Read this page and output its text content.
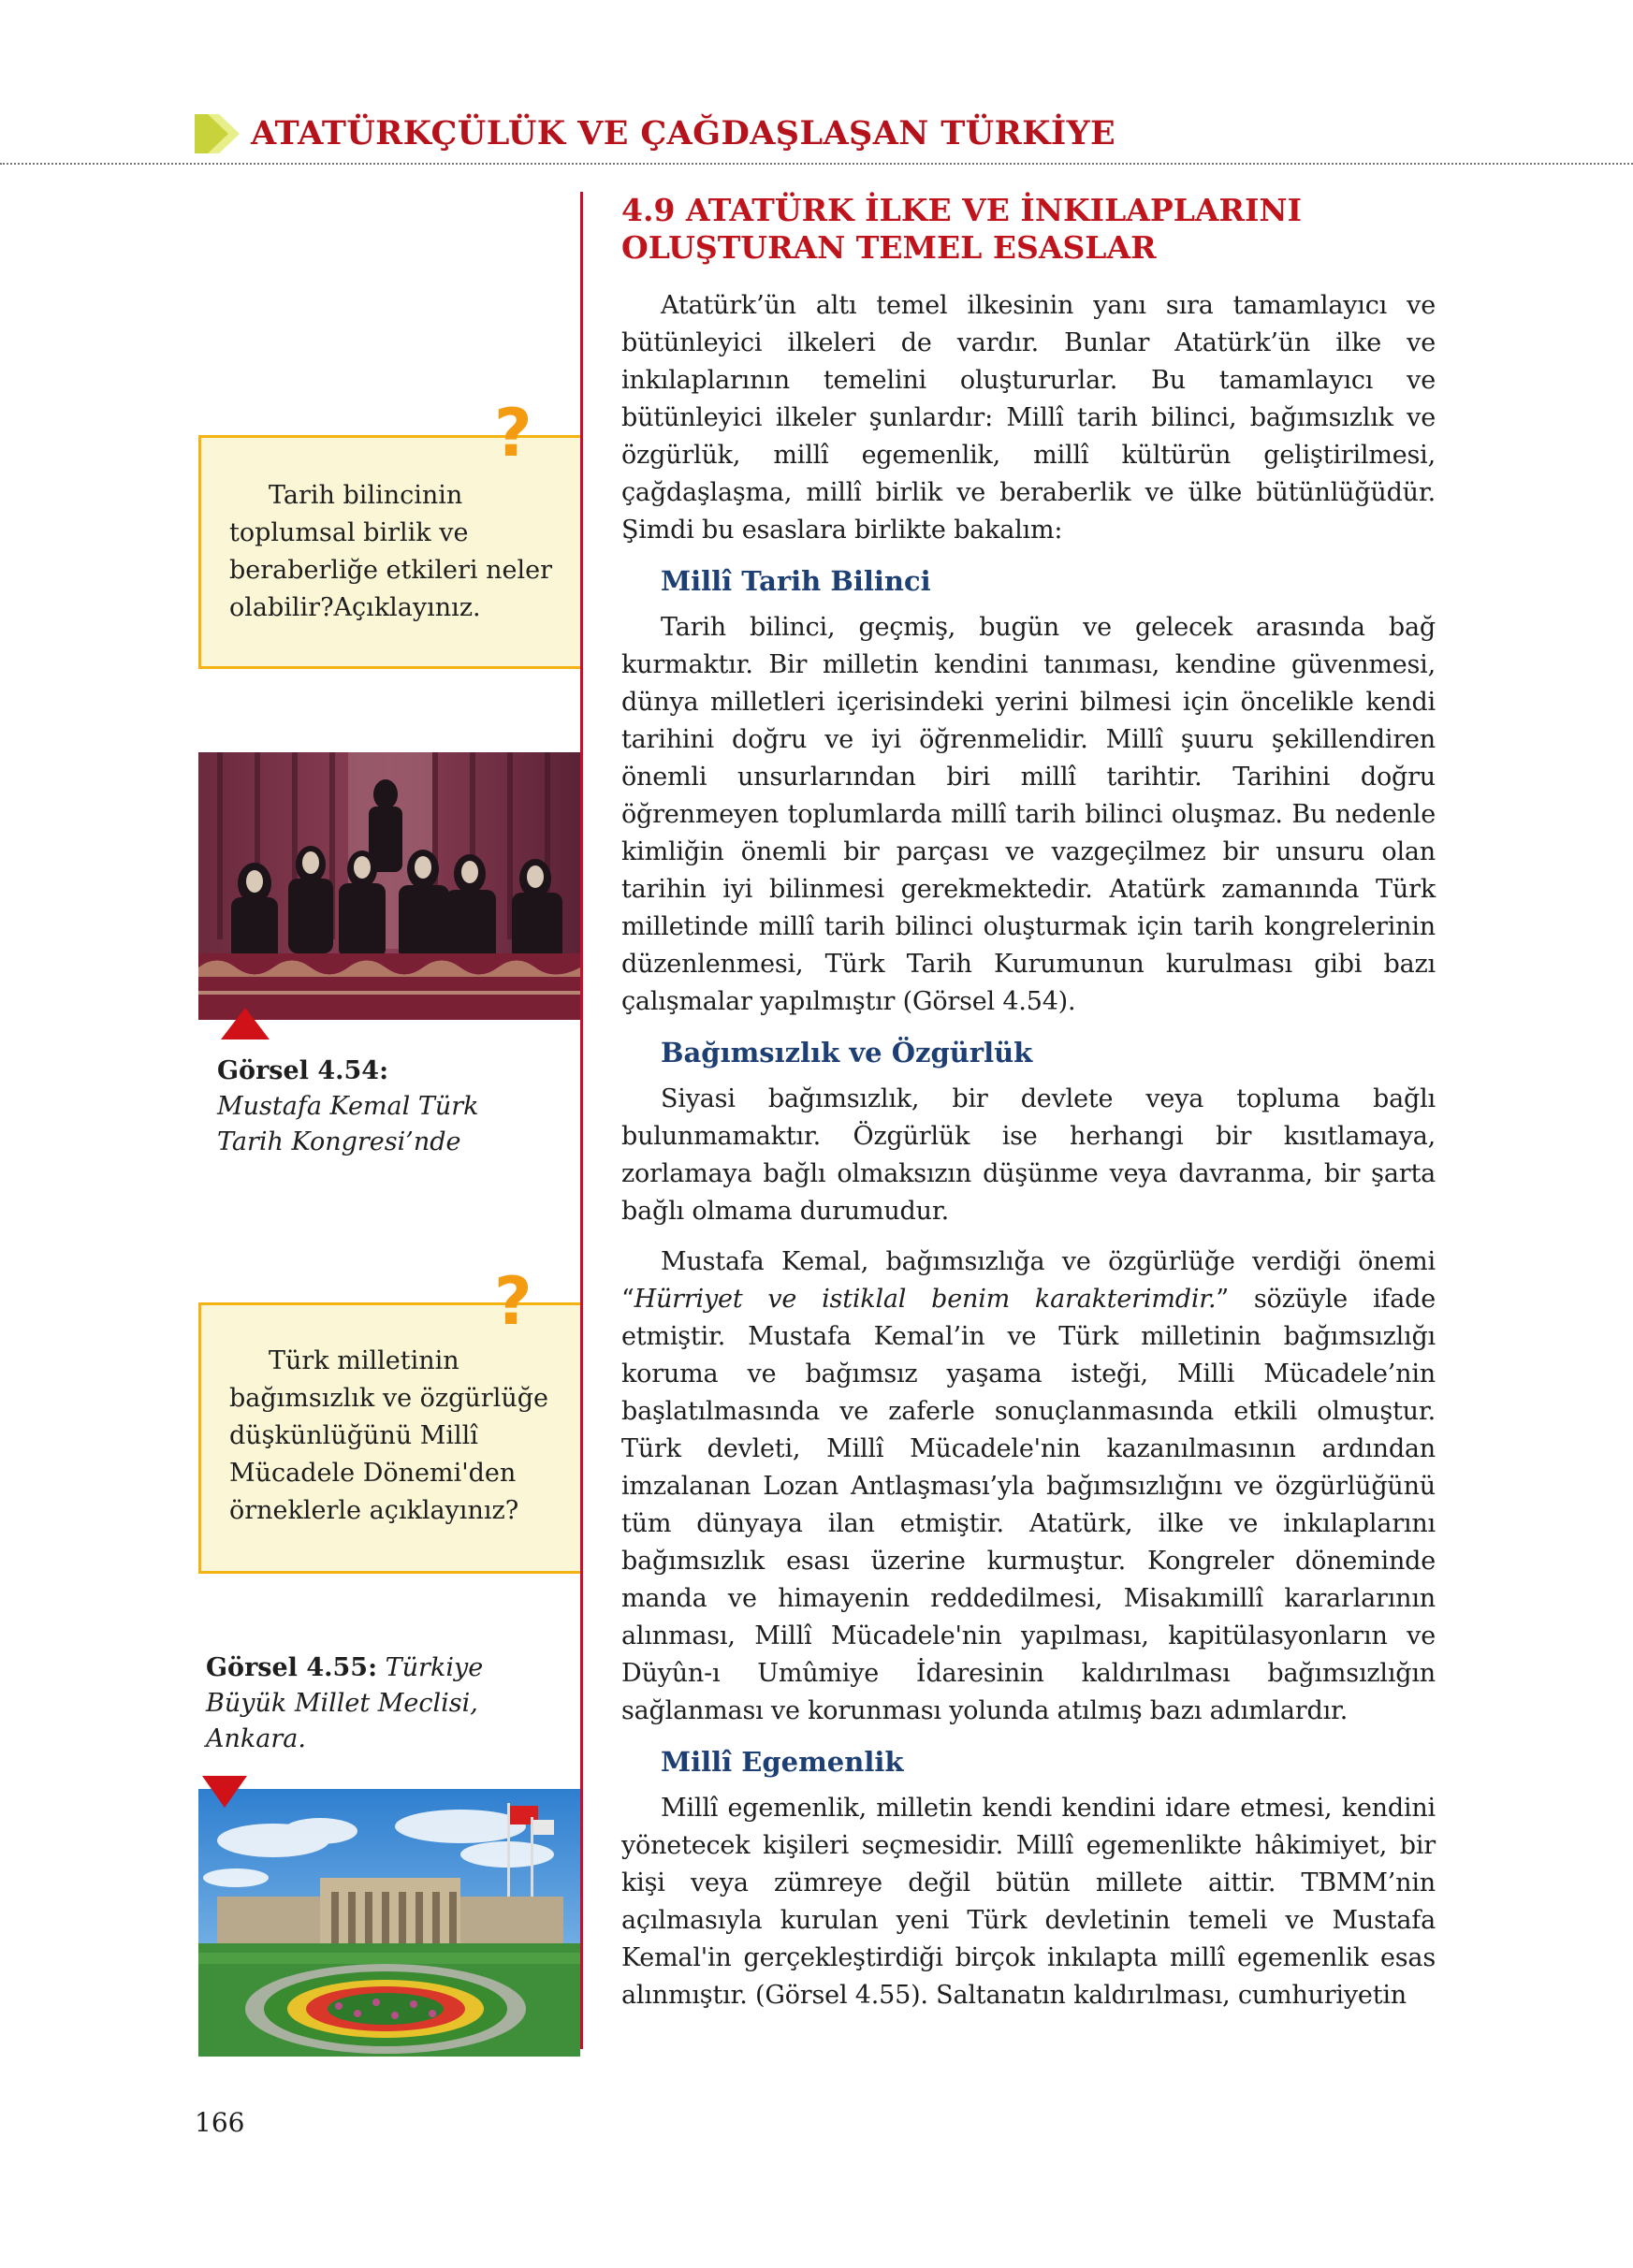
ATATÜRKÇÜLÜK VE ÇAĞDAŞLAŞAN TÜRKİYE
4.9 ATATÜRK İLKE VE İNKILAPLARINI
OLUŞTURAN TEMEL ESASLAR

Atatürk’ün altı temel ilkesinin yanı sıra tamamlayıcı ve bütünleyici ilkeleri de vardır. Bunlar Atatürk’ün ilke ve inkılaplarının temelini oluştururlar. Bu tamamlayıcı ve bütünleyici ilkeler şunlardır: Millî tarih bilinci, bağımsızlık ve özgürlük, millî egemenlik, millî kültürün geliştirilmesi, çağdaşlaşma, millî birlik ve beraberlik ve ülke bütünlüğüdür. Şimdi bu esaslara birlikte bakalım:

Millî Tarih Bilinci

Tarih bilinci, geçmiş, bugün ve gelecek arasında bağ kurmaktır. Bir milletin kendini tanıması, kendine güvenmesi, dünya milletleri içerisindeki yerini bilmesi için öncelikle kendi tarihini doğru ve iyi öğrenmelidir. Millî şuuru şekillendiren önemli unsurlarından biri millî tarihtir. Tarihini doğru öğrenmeyen toplumlarda millî tarih bilinci oluşmaz. Bu nedenle kimliğin önemli bir parçası ve vazgeçilmez bir unsuru olan tarihin iyi bilinmesi gerekmektedir. Atatürk zamanında Türk milletinde millî tarih bilinci oluşturmak için tarih kongrelerinin düzenlenmesi, Türk Tarih Kurumunun kurulması gibi bazı çalışmalar yapılmıştır (Görsel 4.54).

Bağımsızlık ve Özgürlük

Siyasi bağımsızlık, bir devlete veya topluma bağlı bulunmamaktır. Özgürlük ise herhangi bir kısıtlamaya, zorlamaya bağlı olmaksızın düşünme veya davranma, bir şarta bağlı olmama durumudur.

Mustafa Kemal, bağımsızlığa ve özgürlüğe verdiği önemi “Hürriyet ve istiklal benim karakterimdir.” sözüyle ifade etmiştir. Mustafa Kemal’in ve Türk milletinin bağımsızlığı koruma ve bağımsız yaşama isteği, Milli Mücadele’nin başlatılmasında ve zaferle sonuçlanmasında etkili olmuştur. Türk devleti, Millî Mücadele'nin kazanılmasının ardından imzalanan Lozan Antlaşması’yla bağımsızlığını ve özgürlüğünü tüm dünyaya ilan etmiştir. Atatürk, ilke ve inkılaplarını bağımsızlık esası üzerine kurmuştur. Kongreler döneminde manda ve himayenin reddedilmesi, Misakımillî kararlarının alınması, Millî Mücadele'nin yapılması, kapitülasyonların ve Düyûn-ı Umûmiye İdaresinin kaldırılması bağımsızlığın sağlanması ve korunması yolunda atılmış bazı adımlardır.

Millî Egemenlik

Millî egemenlik, milletin kendi kendini idare etmesi, kendini yönetecek kişileri seçmesidir. Millî egemenlikte hâkimiyet, bir kişi veya zümreye değil bütün millete aittir. TBMM’nin açılmasıyla kurulan yeni Türk devletinin temeli ve Mustafa Kemal'in gerçekleştirdiği birçok inkılapta millî egemenlik esas alınmıştır. (Görsel 4.55). Saltanatın kaldırılması, cumhuriyetin

Tarih bilincinin toplumsal birlik ve beraberliğe etkileri neler olabilir?Açıklayınız.
?
Görsel 4.54:
Mustafa Kemal Türk
Tarih Kongresi’nde
Türk milletinin bağımsızlık ve özgürlüğe düşkünlüğünü Millî Mücadele Dönemi'den örneklerle açıklayınız?
?
Görsel 4.55: Türkiye
Büyük Millet Meclisi,
Ankara.
166
